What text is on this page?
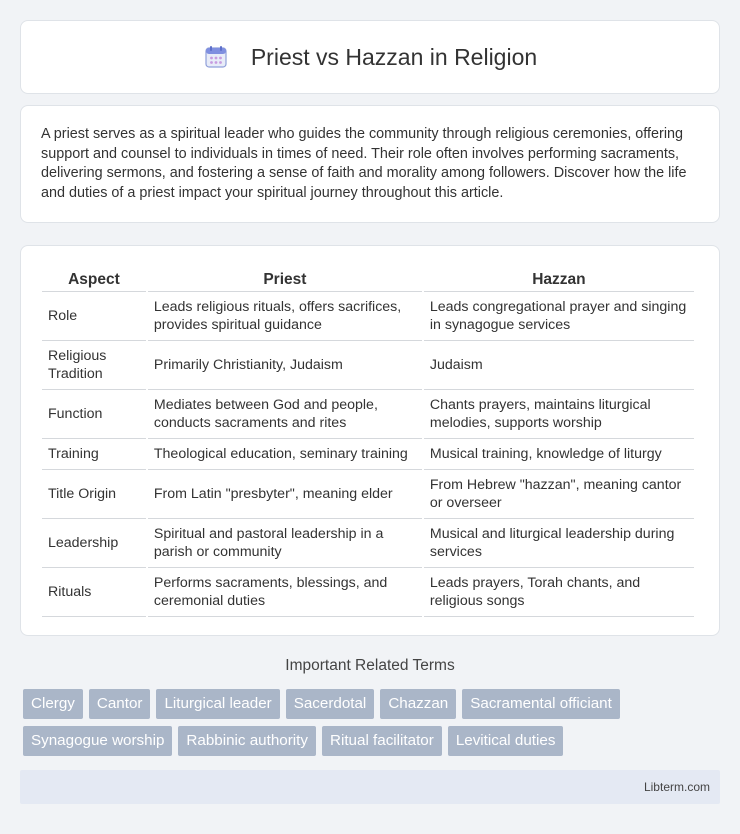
Priest vs Hazzan in Religion

A priest serves as a spiritual leader who guides the community through religious ceremonies, offering support and counsel to individuals in times of need. Their role often involves performing sacraments, delivering sermons, and fostering a sense of faith and morality among followers. Discover how the life and duties of a priest impact your spiritual journey throughout this article.

Aspect	Priest	Hazzan
Role	Leads religious rituals, offers sacrifices, provides spiritual guidance	Leads congregational prayer and singing in synagogue services
Religious Tradition	Primarily Christianity, Judaism	Judaism
Function	Mediates between God and people, conducts sacraments and rites	Chants prayers, maintains liturgical melodies, supports worship
Training	Theological education, seminary training	Musical training, knowledge of liturgy
Title Origin	From Latin "presbyter", meaning elder	From Hebrew "hazzan", meaning cantor or overseer
Leadership	Spiritual and pastoral leadership in a parish or community	Musical and liturgical leadership during services
Rituals	Performs sacraments, blessings, and ceremonial duties	Leads prayers, Torah chants, and religious songs
Important Related Terms
Clergy	Cantor	Liturgical leader	Sacerdotal	Chazzan	Sacramental officiant
Synagogue worship	Rabbinic authority	Ritual facilitator	Levitical duties
Libterm.com
